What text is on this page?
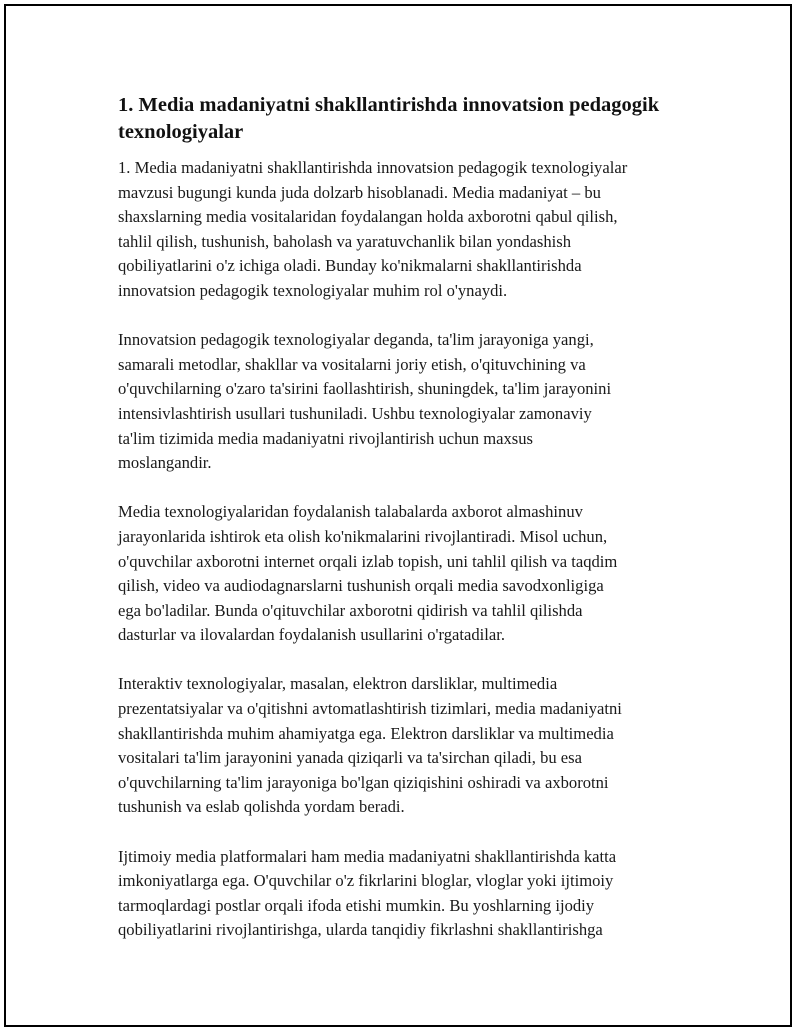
1. Media madaniyatni shakllantirishda innovatsion pedagogik
texnologiyalar

1. Media madaniyatni shakllantirishda innovatsion pedagogik texnologiyalar
mavzusi bugungi kunda juda dolzarb hisoblanadi. Media madaniyat – bu
shaxslarning media vositalaridan foydalangan holda axborotni qabul qilish,
tahlil qilish, tushunish, baholash va yaratuvchanlik bilan yondashish
qobiliyatlarini o'z ichiga oladi. Bunday ko'nikmalarni shakllantirishda
innovatsion pedagogik texnologiyalar muhim rol o'ynaydi.

Innovatsion pedagogik texnologiyalar deganda, ta'lim jarayoniga yangi,
samarali metodlar, shakllar va vositalarni joriy etish, o'qituvchining va
o'quvchilarning o'zaro ta'sirini faollashtirish, shuningdek, ta'lim jarayonini
intensivlashtirish usullari tushuniladi. Ushbu texnologiyalar zamonaviy
ta'lim tizimida media madaniyatni rivojlantirish uchun maxsus
moslangandir.

Media texnologiyalaridan foydalanish talabalarda axborot almashinuv
jarayonlarida ishtirok eta olish ko'nikmalarini rivojlantiradi. Misol uchun,
o'quvchilar axborotni internet orqali izlab topish, uni tahlil qilish va taqdim
qilish, video va audiodagnarslarni tushunish orqali media savodxonligiga
ega bo'ladilar. Bunda o'qituvchilar axborotni qidirish va tahlil qilishda
dasturlar va ilovalardan foydalanish usullarini o'rgatadilar.

Interaktiv texnologiyalar, masalan, elektron darsliklar, multimedia
prezentatsiyalar va o'qitishni avtomatlashtirish tizimlari, media madaniyatni
shakllantirishda muhim ahamiyatga ega. Elektron darsliklar va multimedia
vositalari ta'lim jarayonini yanada qiziqarli va ta'sirchan qiladi, bu esa
o'quvchilarning ta'lim jarayoniga bo'lgan qiziqishini oshiradi va axborotni
tushunish va eslab qolishda yordam beradi.

Ijtimoiy media platformalari ham media madaniyatni shakllantirishda katta
imkoniyatlarga ega. O'quvchilar o'z fikrlarini bloglar, vloglar yoki ijtimoiy
tarmoqlardagi postlar orqali ifoda etishi mumkin. Bu yoshlarning ijodiy
qobiliyatlarini rivojlantirishga, ularda tanqidiy fikrlashni shakllantirishga
